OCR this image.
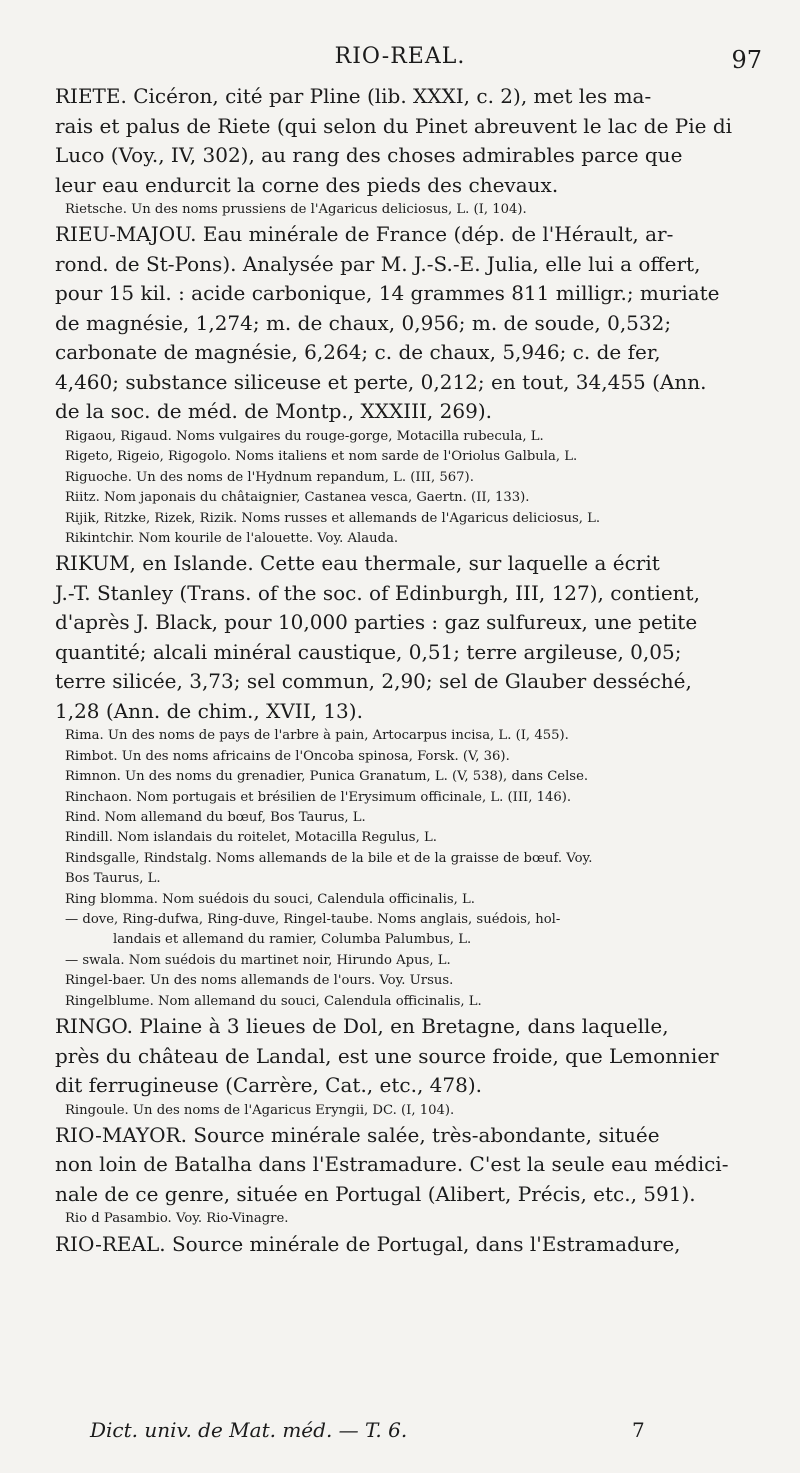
RIO-REAL.	97

RIETE. Cicéron, cité par Pline (lib. XXXI, c. 2), met les ma-

rais et palus de Riete (qui selon du Pinet abreuvent le lac de Pie di

Luco (Voy., IV, 302), au rang des choses admirables parce que

leur eau endurcit la corne des pieds des chevaux.

Rietsche. Un des noms prussiens de l'Agaricus deliciosus, L. (I, 104).

RIEU-MAJOU. Eau minérale de France (dép. de l'Hérault, ar-

rond. de St-Pons). Analysée par M. J.-S.-E. Julia, elle lui a offert,

pour 15 kil. : acide carbonique, 14 grammes 811 milligr.; muriate

de magnésie, 1,274; m. de chaux, 0,956; m. de soude, 0,532;

carbonate de magnésie, 6,264; c. de chaux, 5,946; c. de fer,

4,460; substance siliceuse et perte, 0,212; en tout, 34,455 (Ann.

de la soc. de méd. de Montp., XXXIII, 269).

Rigaou, Rigaud. Noms vulgaires du rouge-gorge, Motacilla rubecula, L.

Rigeto, Rigeio, Rigogolo. Noms italiens et nom sarde de l'Oriolus Galbula, L.

Riguoche. Un des noms de l'Hydnum repandum, L. (III, 567).

Riitz. Nom japonais du châtaignier, Castanea vesca, Gaertn. (II, 133).

Rijik, Ritzke, Rizek, Rizik. Noms russes et allemands de l'Agaricus deliciosus, L.

Rikintchir. Nom kourile de l'alouette. Voy. Alauda.

RIKUM, en Islande. Cette eau thermale, sur laquelle a écrit

J.-T. Stanley (Trans. of the soc. of Edinburgh, III, 127), contient,

d'après J. Black, pour 10,000 parties : gaz sulfureux, une petite

quantité; alcali minéral caustique, 0,51; terre argileuse, 0,05;

terre silicée, 3,73; sel commun, 2,90; sel de Glauber desséché,

1,28 (Ann. de chim., XVII, 13).

Rima. Un des noms de pays de l'arbre à pain, Artocarpus incisa, L. (I, 455).

Rimbot. Un des noms africains de l'Oncoba spinosa, Forsk. (V, 36).

Rimnon. Un des noms du grenadier, Punica Granatum, L. (V, 538), dans Celse.

Rinchaon. Nom portugais et brésilien de l'Erysimum officinale, L. (III, 146).

Rind. Nom allemand du bœuf, Bos Taurus, L.

Rindill. Nom islandais du roitelet, Motacilla Regulus, L.

Rindsgalle, Rindstalg. Noms allemands de la bile et de la graisse de bœuf. Voy.

Bos Taurus, L.

Ring blomma. Nom suédois du souci, Calendula officinalis, L.

— dove, Ring-dufwa, Ring-duve, Ringel-taube. Noms anglais, suédois, hol-

landais et allemand du ramier, Columba Palumbus, L.

— swala. Nom suédois du martinet noir, Hirundo Apus, L.

Ringel-baer. Un des noms allemands de l'ours. Voy. Ursus.

Ringelblume. Nom allemand du souci, Calendula officinalis, L.

RINGO. Plaine à 3 lieues de Dol, en Bretagne, dans laquelle,

près du château de Landal, est une source froide, que Lemonnier

dit ferrugineuse (Carrère, Cat., etc., 478).

Ringoule. Un des noms de l'Agaricus Eryngii, DC. (I, 104).

RIO-MAYOR. Source minérale salée, très-abondante, située

non loin de Batalha dans l'Estramadure. C'est la seule eau médici-

nale de ce genre, située en Portugal (Alibert, Précis, etc., 591).

Rio d Pasambio. Voy. Rio-Vinagre.

RIO-REAL. Source minérale de Portugal, dans l'Estramadure,

Dict. univ. de Mat. méd. — T. 6.	7
